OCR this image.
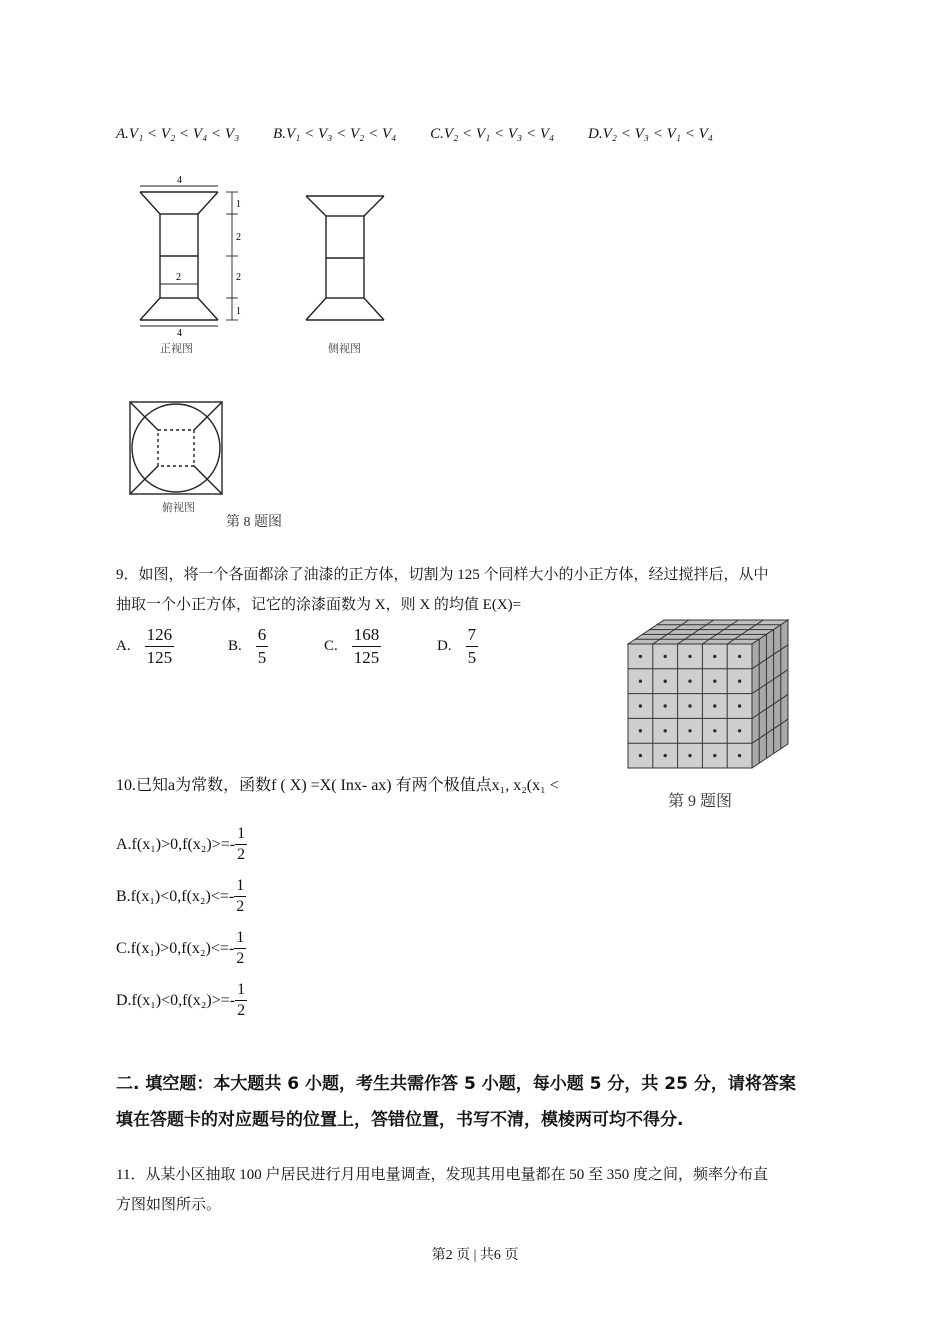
A.V₁ < V₂ < V₄ < V₃ B.V₁ < V₃ < V₂ < V₄ C.V₂ < V₁ < V₃ < V₄ D.V₂ < V₃ < V₁ < V₄
4
4
2
1
2
2
1
正视图	侧视图
俯视图
第 8 题图
9．如图，将一个各面都涂了油漆的正方体，切割为 125 个同样大小的小正方体，经过搅拌后，从中
抽取一个小正方体，记它的涂漆面数为 X，则 X 的均值 E(X)=
A. $\frac{126}{125}$	B. $\frac{6}{5}$	C. $\frac{168}{125}$	D. $\frac{7}{5}$
第 9 题图
10.已知a为常数，函数f ( X) =X( Inx- ax) 有两个极值点x₁, x₂(x₁ <
$A.f(x_1)>0,f(x_2)>=- \frac{1}{2}$
$B.f(x_1)<0,f(x_2)<=- \frac{1}{2}$
$C.f(x_1)>0,f(x_2)<=- \frac{1}{2}$
$D.f(x_1)<0,f(x_2)>=- \frac{1}{2}$
二. 填空题：本大题共 6 小题，考生共需作答 5 小题，每小题 5 分，共 25 分，请将答案
填在答题卡的对应题号的位置上，答错位置，书写不清，模棱两可均不得分.
11．从某小区抽取 100 户居民进行月用电量调查，发现其用电量都在 50 至 350 度之间，频率分布直
方图如图所示。
第2 页 | 共6 页
